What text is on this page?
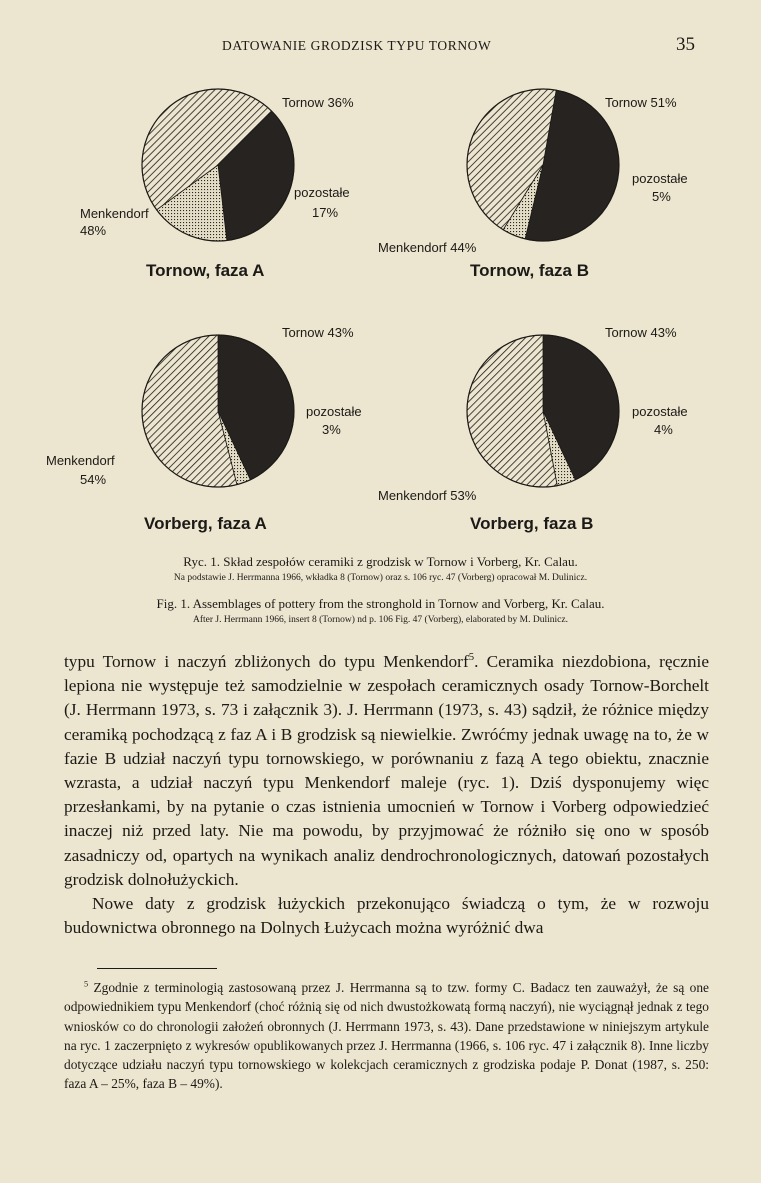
DATOWANIE GRODZISK TYPU TORNOW	35
Tornow 36%
pozostałe
17%
Menkendorf
48%
Tornow, faza A
Tornow 51%
pozostałe
5%
Menkendorf 44%
Tornow, faza B
Tornow 43%
pozostałe
3%
Menkendorf
54%
Vorberg, faza A
Tornow 43%
pozostałe
4%
Menkendorf 53%
Vorberg, faza B
Ryc. 1. Skład zespołów ceramiki z grodzisk w Tornow i Vorberg, Kr. Calau.
Na podstawie J. Herrmanna 1966, wkładka 8 (Tornow) oraz s. 106 ryc. 47 (Vorberg) opracował M. Dulinicz.
Fig. 1. Assemblages of pottery from the stronghold in Tornow and Vorberg, Kr. Calau.
After J. Herrmann 1966, insert 8 (Tornow) nd p. 106 Fig. 47 (Vorberg), elaborated by M. Dulinicz.

typu Tornow i naczyń zbliżonych do typu Menkendorf$^5$. Ceramika niezdobiona, ręcznie lepiona nie występuje też samodzielnie w zespołach ceramicznych osady Tornow-Borchelt (J. Herrmann 1973, s. 73 i załącznik 3). J. Herrmann (1973, s. 43) sądził, że różnice między ceramiką pochodzącą z faz A i B grodzisk są niewielkie. Zwróćmy jednak uwagę na to, że w fazie B udział naczyń typu tornowskiego, w porównaniu z fazą A tego obiektu, znacznie wzrasta, a udział naczyń typu Menkendorf maleje (ryc. 1). Dziś dysponujemy więc przesłankami, by na pytanie o czas istnienia umocnień w Tornow i Vorberg odpowiedzieć inaczej niż przed laty. Nie ma powodu, by przyjmować że różniło się ono w sposób zasadniczy od, opartych na wynikach analiz dendrochronologicznych, datowań pozostałych grodzisk dolnołużyckich.

Nowe daty z grodzisk łużyckich przekonująco świadczą o tym, że w rozwoju budownictwa obronnego na Dolnych Łużycach można wyróżnić dwa

$^5$ Zgodnie z terminologią zastosowaną przez J. Herrmanna są to tzw. formy C. Badacz ten zauważył, że są one odpowiednikiem typu Menkendorf (choć różnią się od nich dwustożkowatą formą naczyń), nie wyciągnął jednak z tego wniosków co do chronologii założeń obronnych (J. Herrmann 1973, s. 43). Dane przedstawione w niniejszym artykule na ryc. 1 zaczerpnięto z wykresów opublikowanych przez J. Herrmanna (1966, s. 106 ryc. 47 i załącznik 8). Inne liczby dotyczące udziału naczyń typu tornowskiego w kolekcjach ceramicznych z grodziska podaje P. Donat (1987, s. 250: faza A – 25%, faza B – 49%).
